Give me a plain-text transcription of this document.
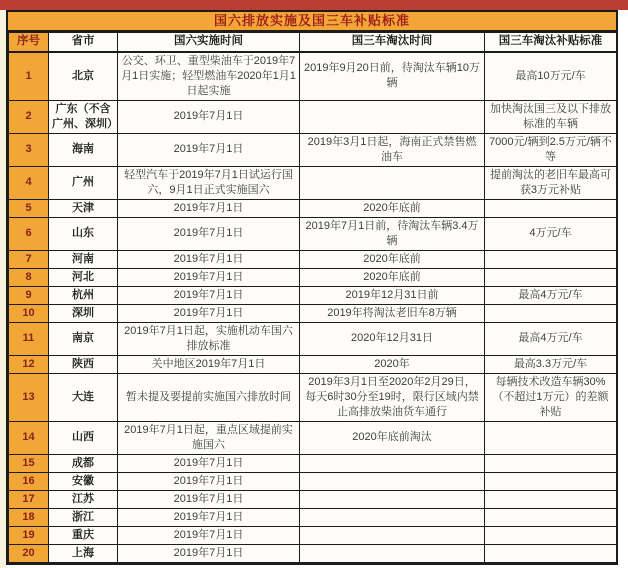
国六排放实施及国三车补贴标准
序号	省市	国六实施时间	国三车淘汰时间	国三车淘汰补贴标准
1	北京	公交、环卫、重型柴油车于2019年7月1日实施；轻型燃油车2020年1月1日起实施	2019年9月20日前，待淘汰车辆10万辆	最高10万元/车
2	广东（不含广州、深圳）	2019年7月1日		加快淘汰国三及以下排放标准的车辆
3	海南	2019年7月1日	2019年3月1日起，海南正式禁售燃油车	7000元/辆到2.5万元/辆不等
4	广州	轻型汽车于2019年7月1日试运行国六，9月1日正式实施国六		提前淘汰的老旧车最高可获3万元补贴
5	天津	2019年7月1日	2020年底前	
6	山东	2019年7月1日	2019年7月1日前，待淘汰车辆3.4万辆	4万元/车
7	河南	2019年7月1日	2020年底前	
8	河北	2019年7月1日	2020年底前	
9	杭州	2019年7月1日	2019年12月31日前	最高4万元/车
10	深圳	2019年7月1日	2019年将淘汰老旧车8万辆	
11	南京	2019年7月1日起，实施机动车国六排放标准	2020年12月31日	最高4万元/车
12	陕西	关中地区2019年7月1日	2020年	最高3.3万元/车
13	大连	暂未提及要提前实施国六排放时间	2019年3月1日至2020年2月29日，每天6时30分至19时，限行区域内禁止高排放柴油货车通行	每辆技术改造车辆30%（不超过1万元）的差额补贴
14	山西	2019年7月1日起，重点区域提前实施国六	2020年底前淘汰	
15	成都	2019年7月1日		
16	安徽	2019年7月1日		
17	江苏	2019年7月1日		
18	浙江	2019年7月1日		
19	重庆	2019年7月1日		
20	上海	2019年7月1日		
